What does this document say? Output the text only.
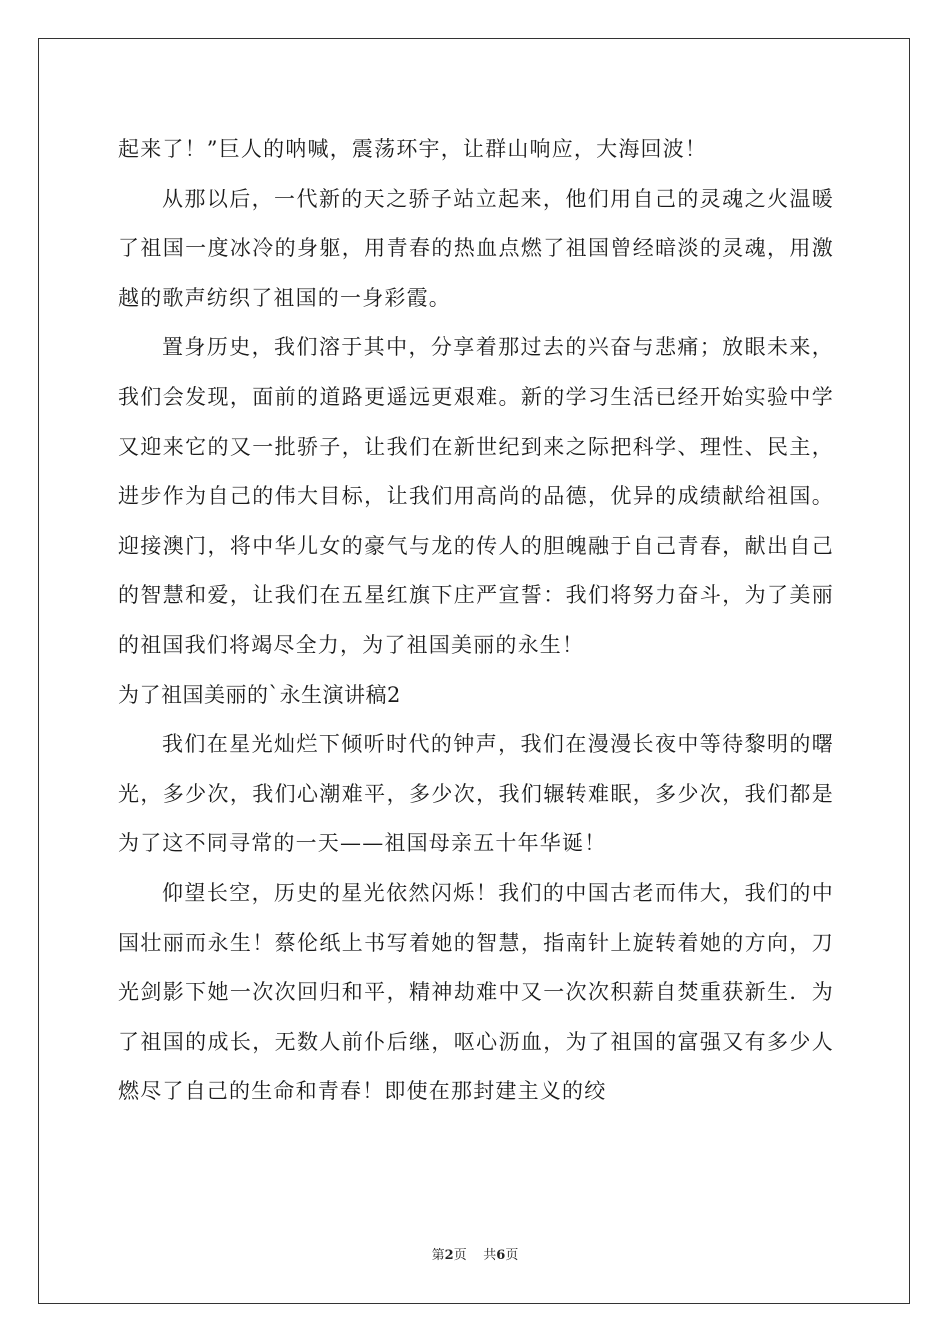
起来了！”巨人的呐喊，震荡环宇，让群山响应，大海回波！

从那以后，一代新的天之骄子站立起来，他们用自己的灵魂之火温暖了祖国一度冰冷的身躯，用青春的热血点燃了祖国曾经暗淡的灵魂，用激越的歌声纺织了祖国的一身彩霞。

置身历史，我们溶于其中，分享着那过去的兴奋与悲痛；放眼未来，我们会发现，面前的道路更遥远更艰难。新的学习生活已经开始实验中学又迎来它的又一批骄子，让我们在新世纪到来之际把科学、理性、民主，进步作为自己的伟大目标，让我们用高尚的品德，优异的成绩献给祖国。迎接澳门，将中华儿女的豪气与龙的传人的胆魄融于自己青春，献出自己的智慧和爱，让我们在五星红旗下庄严宣誓：我们将努力奋斗，为了美丽的祖国我们将竭尽全力，为了祖国美丽的永生！

为了祖国美丽的`永生演讲稿2

我们在星光灿烂下倾听时代的钟声，我们在漫漫长夜中等待黎明的曙光，多少次，我们心潮难平，多少次，我们辗转难眠，多少次，我们都是为了这不同寻常的一天——祖国母亲五十年华诞！

仰望长空，历史的星光依然闪烁！我们的中国古老而伟大，我们的中国壮丽而永生！蔡伦纸上书写着她的智慧，指南针上旋转着她的方向，刀光剑影下她一次次回归和平，精神劫难中又一次次积薪自焚重获新生．为了祖国的成长，无数人前仆后继，呕心沥血，为了祖国的富强又有多少人燃尽了自己的生命和青春！即使在那封建主义的绞

第2页 共6页
